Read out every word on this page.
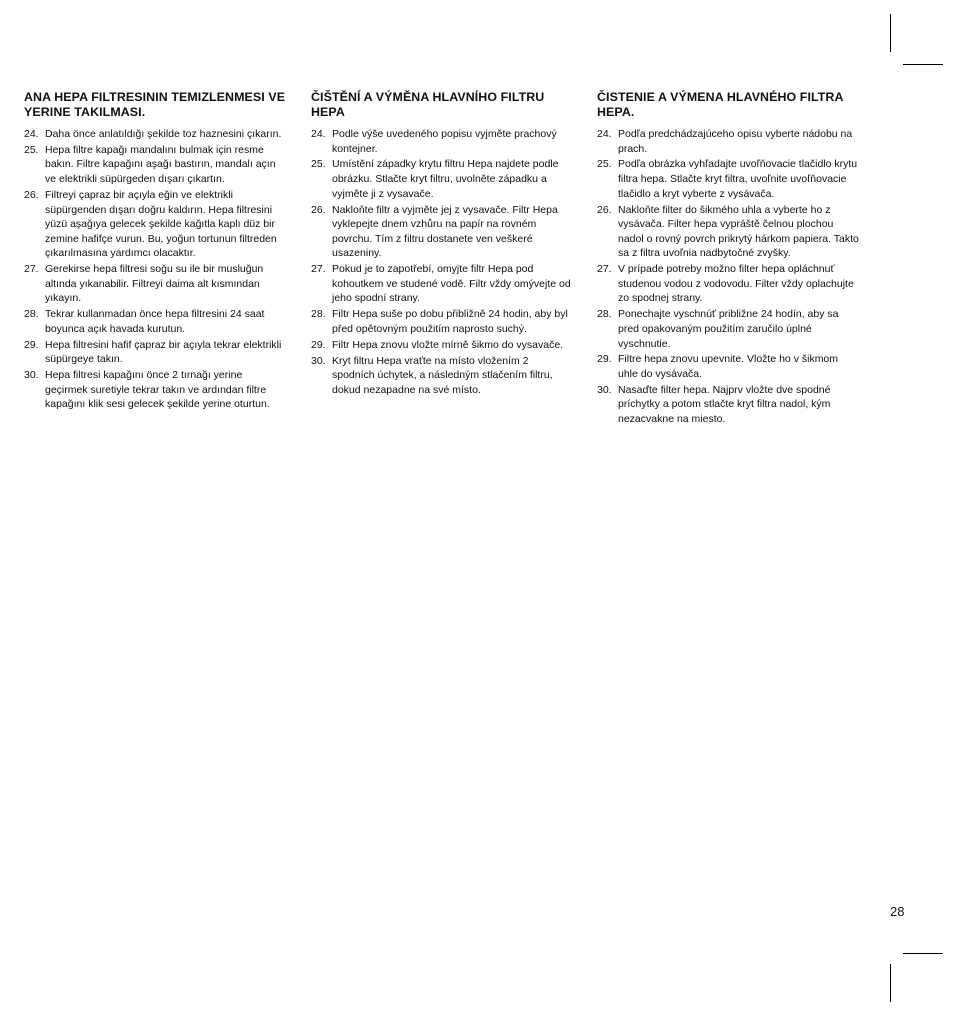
ANA HEPA FILTRESININ TEMIZLENMESI VE YERINE TAKILMASI.
24. Daha önce anlatıldığı şekilde toz haznesini çıkarın.
25. Hepa filtre kapağı mandalını bulmak için resme bakın. Filtre kapağını aşağı bastırın, mandalı açın ve elektrikli süpürgeden dışarı çıkartın.
26. Filtreyi çapraz bir açıyla eğin ve elektrikli süpürgenden dışarı doğru kaldırın. Hepa filtresini yüzü aşağıya gelecek şekilde kağıtla kaplı düz bir zemine hafifçe vurun. Bu, yoğun tortunun filtreden çıkarılmasına yardımcı olacaktır.
27. Gerekirse hepa filtresi soğu su ile bir musluğun altında yıkanabilir. Filtreyi daima alt kısmından yıkayın.
28. Tekrar kullanmadan önce hepa filtresini 24 saat boyunca açık havada kurutun.
29. Hepa filtresini hafif çapraz bir açıyla tekrar elektrikli süpürgeye takın.
30. Hepa filtresi kapağını önce 2 tırnağı yerine geçirmek suretiyle tekrar takın ve ardından filtre kapağını klik sesi gelecek şekilde yerine oturtun.
ČIŠTĚNÍ A VÝMĚNA HLAVNÍHO FILTRU HEPA
24. Podle výše uvedeného popisu vyjměte prachový kontejner.
25. Umístění západky krytu filtru Hepa najdete podle obrázku. Stlačte kryt filtru, uvolněte západku a vyjměte ji z vysavače.
26. Nakloňte filtr a vyjměte jej z vysavače. Filtr Hepa vyklepejte dnem vzhůru na papír na rovném povrchu. Tím z filtru dostanete ven veškeré usazeniny.
27. Pokud je to zapotřebí, omyjte filtr Hepa pod kohoutkem ve studené vodě. Filtr vždy omývejte od jeho spodní strany.
28. Filtr Hepa suše po dobu přibližně 24 hodin, aby byl před opětovným použitím naprosto suchý.
29. Filtr Hepa znovu vložte mírně šikmo do vysavače.
30. Kryt filtru Hepa vraťte na místo vložením 2 spodních úchytek, a následným stlačením filtru, dokud nezapadne na své místo.
ČISTENIE A VÝMENA HLAVNÉHO FILTRA HEPA.
24. Podľa predchádzajúceho opisu vyberte nádobu na prach.
25. Podľa obrázka vyhľadajte uvoľňovacie tlačidlo krytu filtra hepa. Stlačte kryt filtra, uvoľnite uvoľňovacie tlačidlo a kryt vyberte z vysávača.
26. Nakloňte filter do šikmého uhla a vyberte ho z vysávača. Filter hepa vypráště čelnou plochou nadol o rovný povrch prikrytý hárkom papiera. Takto sa z filtra uvoľnia nadbytočné zvyšky.
27. V prípade potreby možno filter hepa opláchnuť studenou vodou z vodovodu. Filter vždy oplachujte zo spodnej strany.
28. Ponechajte vyschnúť približne 24 hodín, aby sa pred opakovaným použitím zaručilo úplné vyschnutie.
29. Filtre hepa znovu upevnite. Vložte ho v šikmom uhle do vysávača.
30. Nasaďte filter hepa. Najprv vložte dve spodné príchytky a potom stlačte kryt filtra nadol, kým nezacvakne na miesto.
28
